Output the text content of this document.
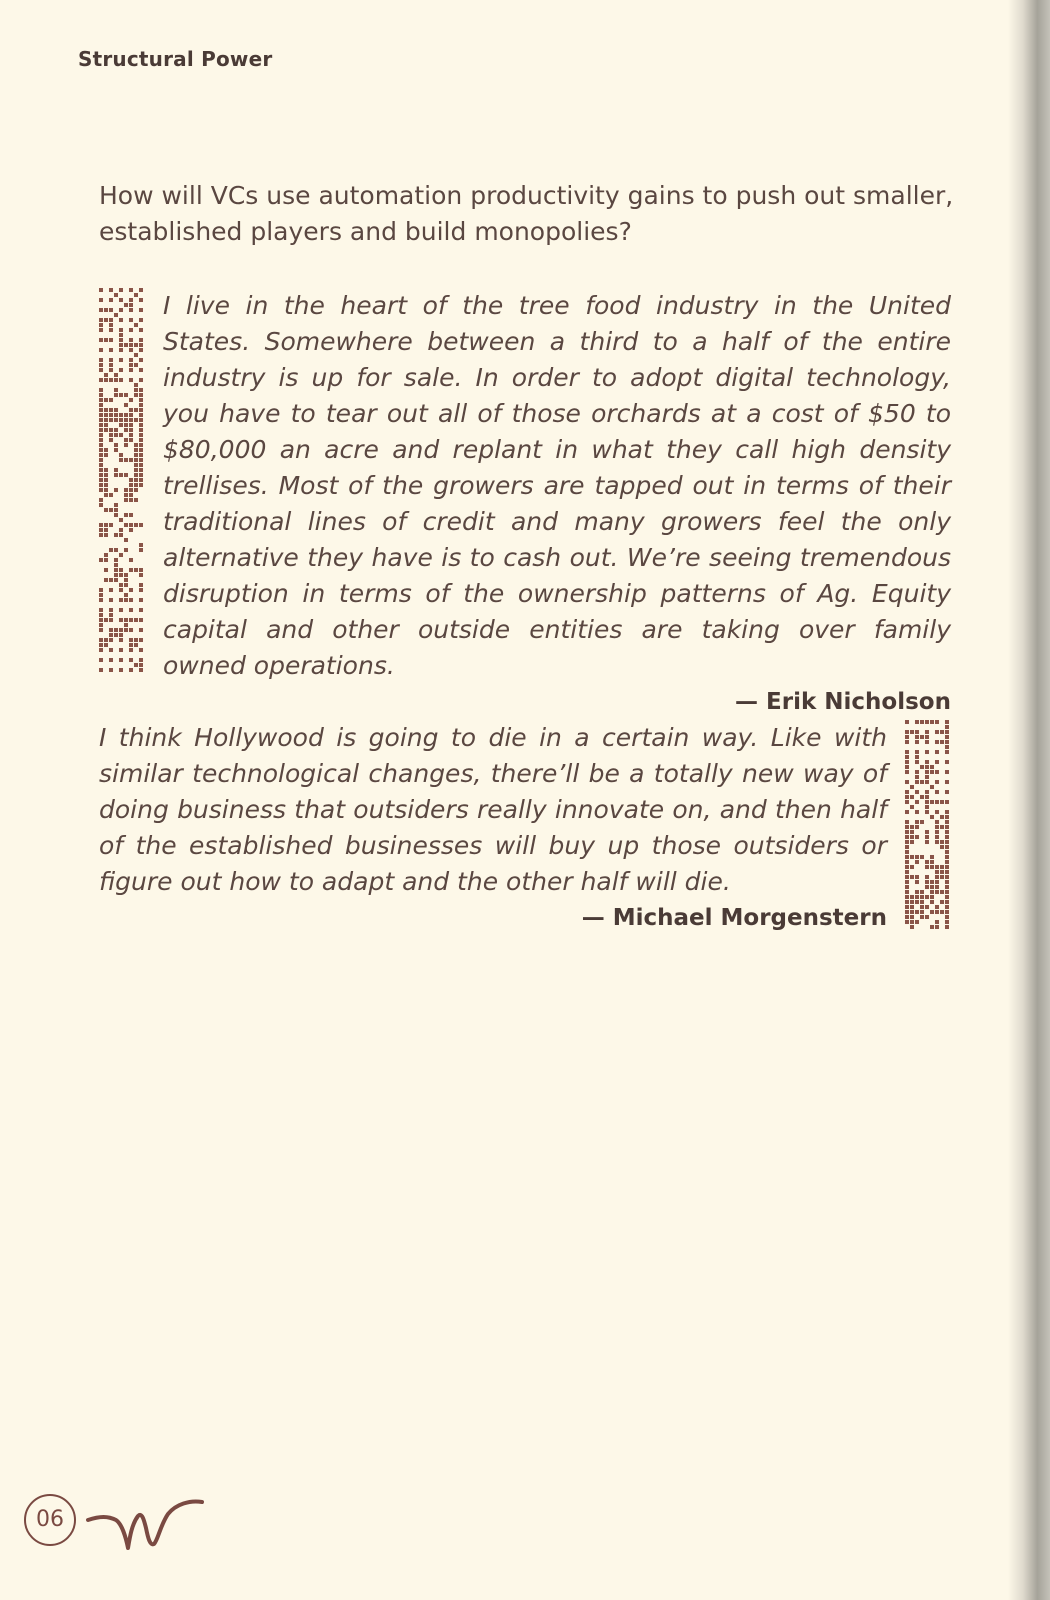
Structural Power
How will VCs use automation productivity gains to push out smaller, established players and build monopolies?
I live in the heart of the tree food industry in the United States. Somewhere between a third to a half of the entire industry is up for sale. In order to adopt digital technology, you have to tear out all of those orchards at a cost of $50 to $80,000 an acre and replant in what they call high density trellises. Most of the growers are tapped out in terms of their traditional lines of credit and many growers feel the only alternative they have is to cash out. We’re seeing tremendous disruption in terms of the ownership patterns of Ag. Equity capital and other outside entities are taking over family owned operations.
— Erik Nicholson
I think Hollywood is going to die in a certain way. Like with similar technological changes, there’ll be a totally new way of doing business that outsiders really innovate on, and then half of the established businesses will buy up those outsiders or figure out how to adapt and the other half will die.
— Michael Morgenstern
06
